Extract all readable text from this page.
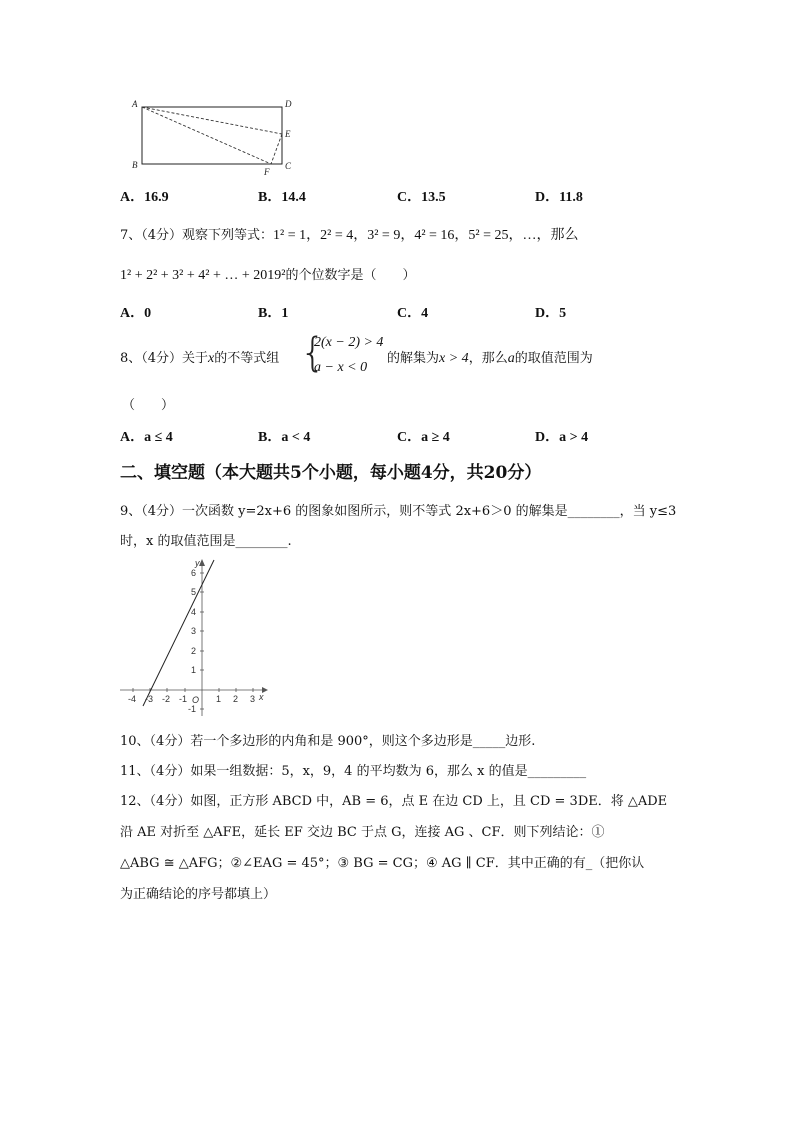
A
B	C
D
E
F
A．16.9	B．14.4	C．13.5	D．11.8
7、（4分）观察下列等式：1² = 1，2² = 4，3² = 9，4² = 16，5² = 25，…，那么
1² + 2² + 3² + 4² + … + 2019²的个位数字是（　　）
A．0	B．1	C．4	D．5
8、（4分）关于x的不等式组 {
2(x − 2) > 4
a − x < 0
的解集为x > 4，那么a的取值范围为
（　　）
A．a ≤ 4	B．a < 4	C．a ≥ 4	D．a > 4
二、填空题（本大题共5个小题，每小题4分，共20分）
9、（4分）一次函数 y=2x+6 的图象如图所示，则不等式 2x+6＞0 的解集是________，当 y≤3
时，x 的取值范围是________.
-4 -3 -2 -1	1 2 3
O	x
y
6
5
4
3
2
1
-1
10、（4分）若一个多边形的内角和是 900°，则这个多边形是_____边形.
11、（4分）如果一组数据：5，x，9，4 的平均数为 6，那么 x 的值是_________
12、（4分）如图，正方形 ABCD 中，AB = 6，点 E 在边 CD 上，且 CD = 3DE．将 △ADE
沿 AE 对折至 △AFE，延长 EF 交边 BC 于点 G，连接 AG 、CF．则下列结论：①
△ABG ≅ △AFG；②∠EAG = 45°；③ BG = CG；④ AG ∥ CF．其中正确的有_（把你认
为正确结论的序号都填上）
